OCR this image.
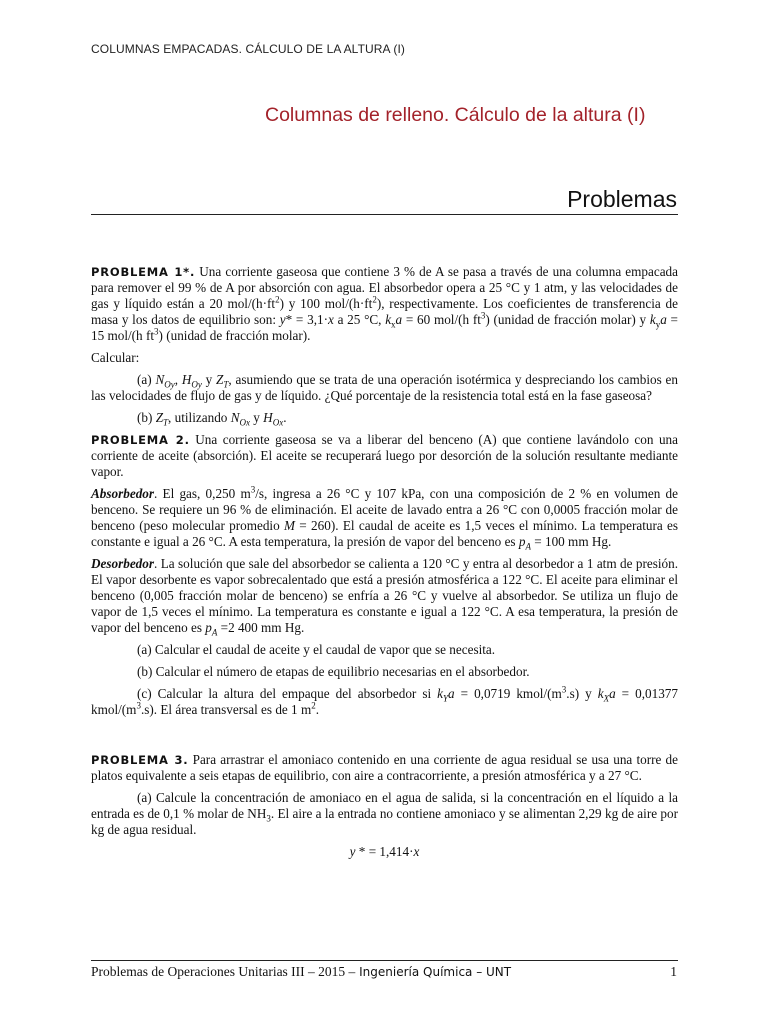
COLUMNAS EMPACADAS. CÁLCULO DE LA ALTURA (I)
Columnas de relleno. Cálculo de la altura (I)
Problemas

PROBLEMA 1*. Una corriente gaseosa que contiene 3 % de A se pasa a través de una columna empacada para remover el 99 % de A por absorción con agua. El absorbedor opera a 25 °C y 1 atm, y las velocidades de gas y líquido están a 20 mol/$(h\cdot ft^2)$ y 100 mol/$(h\cdot ft^2)$, respectivamente. Los coeficientes de transferencia de masa y los datos de equilibrio son: y* = 3,1·x a 25 °C, $k_xa = 60$ mol/(h $ft^3$) (unidad de fracción molar) y $k_ya = 15$ mol/(h $ft^3$) (unidad de fracción molar).

Calcular:

(a) $N_{Oy}$, $H_{Oy}$ y $Z_T$, asumiendo que se trata de una operación isotérmica y despreciando los cambios en las velocidades de flujo de gas y de líquido. ¿Qué porcentaje de la resistencia total está en la fase gaseosa?

(b) $Z_T$, utilizando $N_{Ox}$ y $H_{Ox}$.

PROBLEMA 2. Una corriente gaseosa se va a liberar del benceno (A) que contiene lavándolo con una corriente de aceite (absorción). El aceite se recuperará luego por desorción de la solución resultante mediante vapor.

Absorbedor. El gas, 0,250 $m^3/s$, ingresa a 26 °C y 107 kPa, con una composición de 2 % en volumen de benceno. Se requiere un 96 % de eliminación. El aceite de lavado entra a 26 °C con 0,0005 fracción molar de benceno (peso molecular promedio M = 260). El caudal de aceite es 1,5 veces el mínimo. La temperatura es constante e igual a 26 °C. A esta temperatura, la presión de vapor del benceno es $p_A = 100$ mm Hg.

Desorbedor. La solución que sale del absorbedor se calienta a 120 °C y entra al desorbedor a 1 atm de presión. El vapor desorbente es vapor sobrecalentado que está a presión atmosférica a 122 °C. El aceite para eliminar el benceno (0,005 fracción molar de benceno) se enfría a 26 °C y vuelve al absorbedor. Se utiliza un flujo de vapor de 1,5 veces el mínimo. La temperatura es constante e igual a 122 °C. A esa temperatura, la presión de vapor del benceno es $p_A =2$ 400 mm Hg.

(a) Calcular el caudal de aceite y el caudal de vapor que se necesita.

(b) Calcular el número de etapas de equilibrio necesarias en el absorbedor.

(c) Calcular la altura del empaque del absorbedor si $k_Ya = 0,0719$ kmol/$(m^3.s)$ y $k_Xa = 0,01377$ kmol/$(m^3.s)$. El área transversal es de 1 $m^2$.

PROBLEMA 3. Para arrastrar el amoniaco contenido en una corriente de agua residual se usa una torre de platos equivalente a seis etapas de equilibrio, con aire a contracorriente, a presión atmosférica y a 27 °C.

(a) Calcule la concentración de amoniaco en el agua de salida, si la concentración en el líquido a la entrada es de 0,1 % molar de $NH_3$. El aire a la entrada no contiene amoniaco y se alimentan 2,29 kg de aire por kg de agua residual.

y * = 1,414·x

Problemas de Operaciones Unitarias III – 2015 – Ingeniería Química – UNT	1
